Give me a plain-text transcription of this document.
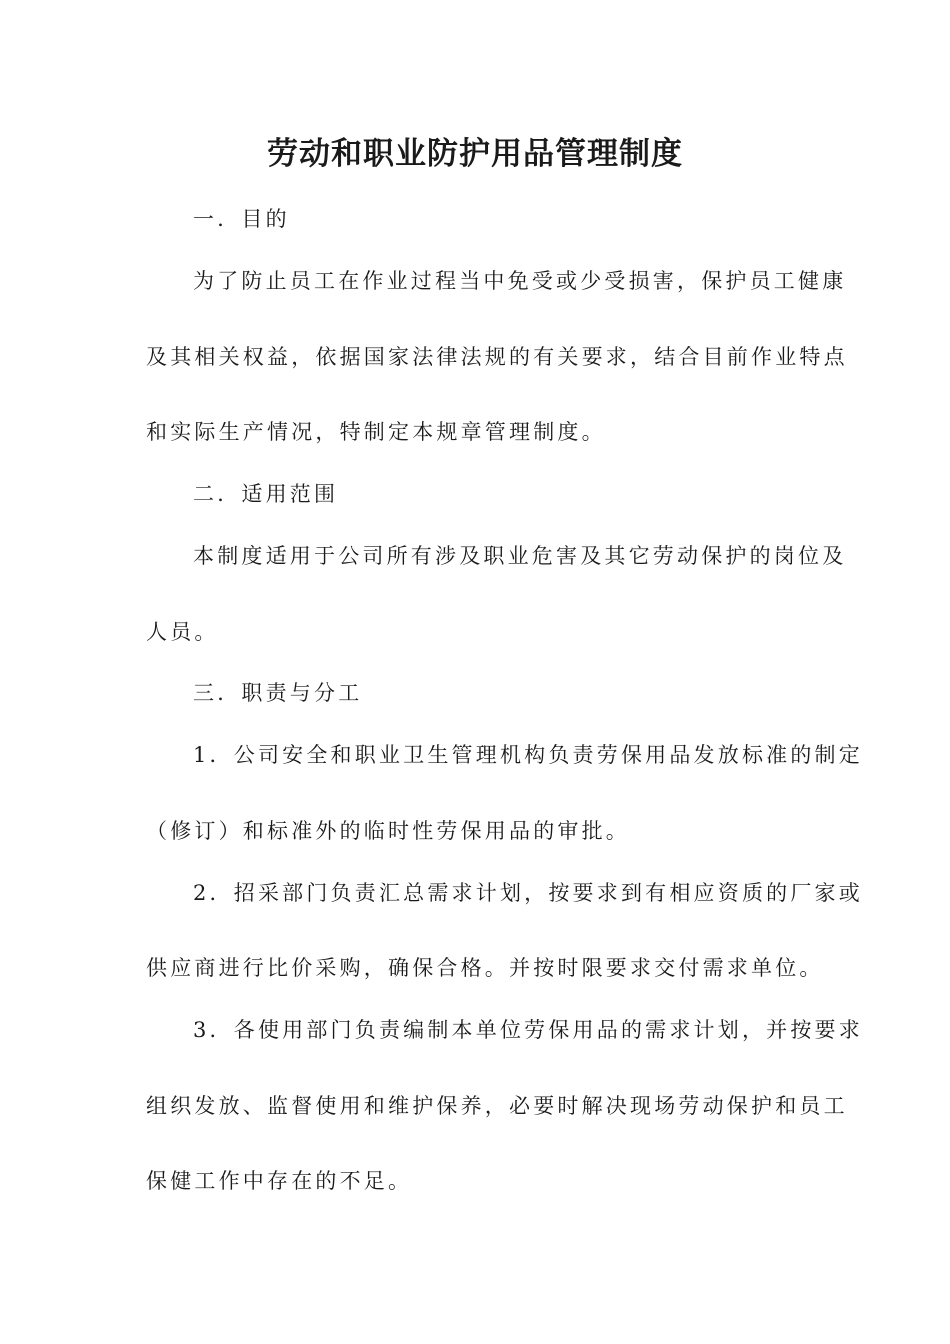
劳动和职业防护用品管理制度

一．目的

为了防止员工在作业过程当中免受或少受损害，保护员工健康

及其相关权益，依据国家法律法规的有关要求，结合目前作业特点

和实际生产情况，特制定本规章管理制度。

二．适用范围

本制度适用于公司所有涉及职业危害及其它劳动保护的岗位及

人员。

三．职责与分工

1．公司安全和职业卫生管理机构负责劳保用品发放标准的制定

（修订）和标准外的临时性劳保用品的审批。

2．招采部门负责汇总需求计划，按要求到有相应资质的厂家或

供应商进行比价采购，确保合格。并按时限要求交付需求单位。

3．各使用部门负责编制本单位劳保用品的需求计划，并按要求

组织发放、监督使用和维护保养，必要时解决现场劳动保护和员工

保健工作中存在的不足。
